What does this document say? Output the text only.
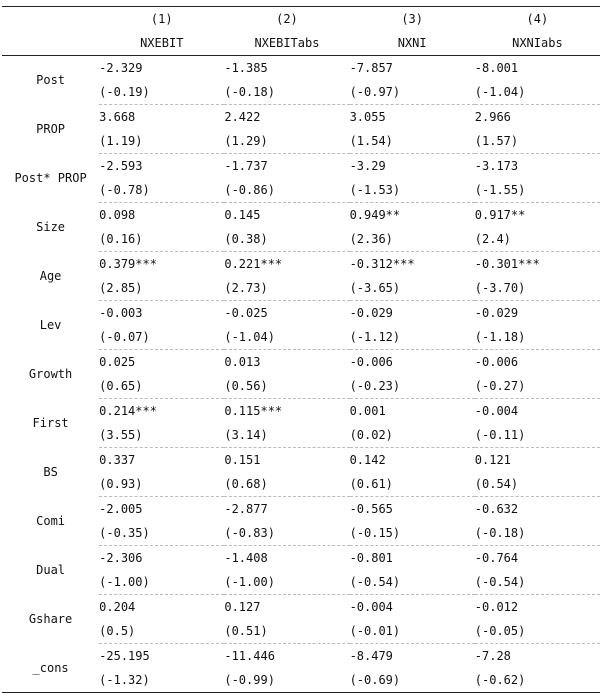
	(1)	(2)	(3)	(4)
	NXEBIT	NXEBITabs	NXNI	NXNIabs
Post	-2.329	-1.385	-7.857	-8.001
	(-0.19)	(-0.18)	(-0.97)	(-1.04)
PROP	3.668	2.422	3.055	2.966
	(1.19)	(1.29)	(1.54)	(1.57)
Post* PROP	-2.593	-1.737	-3.29	-3.173
	(-0.78)	(-0.86)	(-1.53)	(-1.55)
Size	0.098	0.145	0.949**	0.917**
	(0.16)	(0.38)	(2.36)	(2.4)
Age	0.379***	0.221***	-0.312***	-0.301***
	(2.85)	(2.73)	(-3.65)	(-3.70)
Lev	-0.003	-0.025	-0.029	-0.029
	(-0.07)	(-1.04)	(-1.12)	(-1.18)
Growth	0.025	0.013	-0.006	-0.006
	(0.65)	(0.56)	(-0.23)	(-0.27)
First	0.214***	0.115***	0.001	-0.004
	(3.55)	(3.14)	(0.02)	(-0.11)
BS	0.337	0.151	0.142	0.121
	(0.93)	(0.68)	(0.61)	(0.54)
Comi	-2.005	-2.877	-0.565	-0.632
	(-0.35)	(-0.83)	(-0.15)	(-0.18)
Dual	-2.306	-1.408	-0.801	-0.764
	(-1.00)	(-1.00)	(-0.54)	(-0.54)
Gshare	0.204	0.127	-0.004	-0.012
	(0.5)	(0.51)	(-0.01)	(-0.05)
_cons	-25.195	-11.446	-8.479	-7.28
	(-1.32)	(-0.99)	(-0.69)	(-0.62)
